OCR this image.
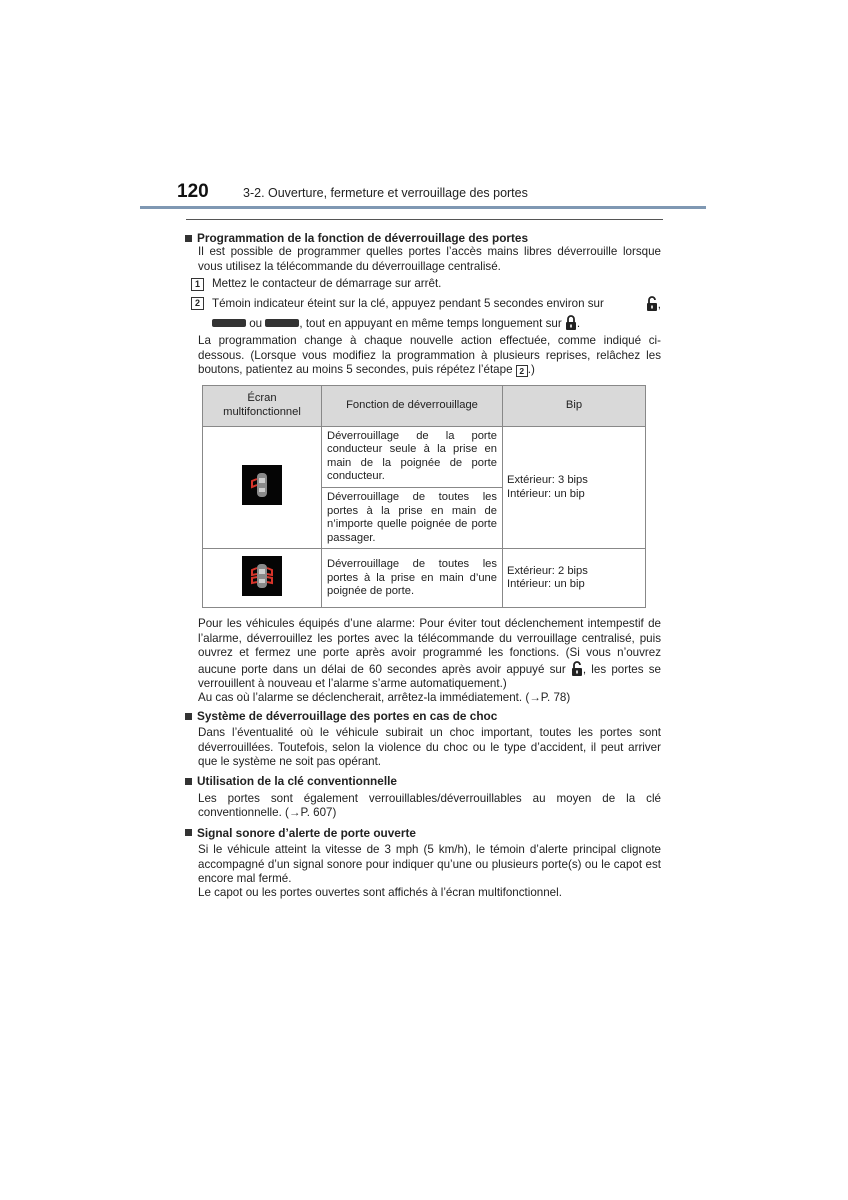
120	3-2. Ouverture, fermeture et verrouillage des portes
Programmation de la fonction de déverrouillage des portes
Il est possible de programmer quelles portes l’accès mains libres déverrouille lorsque vous utilisez la télécommande du déverrouillage centralisé.
1	Mettez le contacteur de démarrage sur arrêt.
2	Témoin indicateur éteint sur la clé, appuyez pendant 5 secondes environ sur	,
ou	, tout en appuyant en même temps longuement sur .
La programmation change à chaque nouvelle action effectuée, comme indiqué ci-dessous. (Lorsque vous modifiez la programmation à plusieurs reprises, relâchez les boutons, patientez au moins 5 secondes, puis répétez l’étape 2 .)
Écran multifonctionnel	Fonction de déverrouillage	Bip
	Déverrouillage de la porte conducteur seule à la prise en main de la poignée de porte conducteur.	Extérieur: 3 bips
Intérieur: un bip
	Déverrouillage de toutes les portes à la prise en main de n’importe quelle poignée de porte passager.	
	Déverrouillage de toutes les portes à la prise en main d’une poignée de porte.	Extérieur: 2 bips
Intérieur: un bip
Pour les véhicules équipés d’une alarme: Pour éviter tout déclenchement intempestif de l’alarme, déverrouillez les portes avec la télécommande du verrouillage centralisé, puis ouvrez et fermez une porte après avoir programmé les fonctions. (Si vous n’ouvrez aucune porte dans un délai de 60 secondes après avoir appuyé sur , les portes se verrouillent à nouveau et l’alarme s’arme automatiquement.)
Au cas où l’alarme se déclencherait, arrêtez-la immédiatement. (→P. 78)
Système de déverrouillage des portes en cas de choc
Dans l’éventualité où le véhicule subirait un choc important, toutes les portes sont déverrouillées. Toutefois, selon la violence du choc ou le type d’accident, il peut arriver que le système ne soit pas opérant.
Utilisation de la clé conventionnelle
Les portes sont également verrouillables/déverrouillables au moyen de la clé conventionnelle. (→P. 607)
Signal sonore d’alerte de porte ouverte
Si le véhicule atteint la vitesse de 3 mph (5 km/h), le témoin d’alerte principal clignote accompagné d’un signal sonore pour indiquer qu’une ou plusieurs porte(s) ou le capot est encore mal fermé.
Le capot ou les portes ouvertes sont affichés à l’écran multifonctionnel.
